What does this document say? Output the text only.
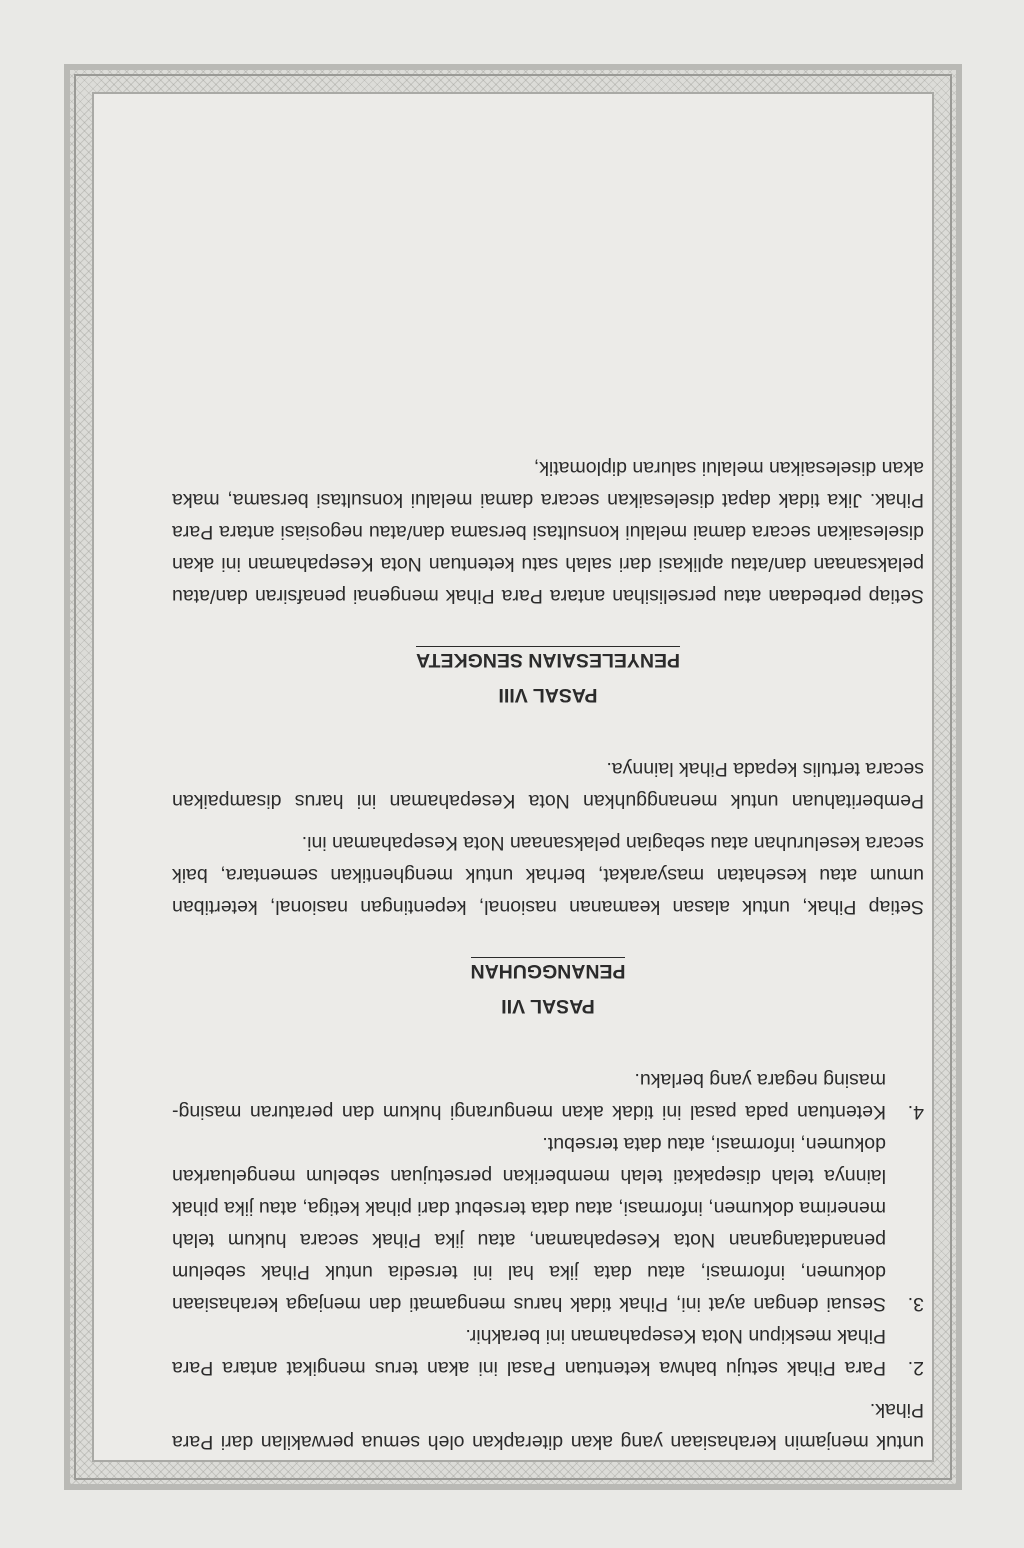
untuk menjamin kerahasiaan yang akan diterapkan oleh semua perwakilan dari Para Pihak.

2.
Para Pihak setuju bahwa ketentuan Pasal ini akan terus mengikat antara Para Pihak meskipun Nota Kesepahaman ini berakhir.
3.
Sesuai dengan ayat ini, Pihak tidak harus mengamati dan menjaga kerahasiaan dokumen, informasi, atau data jika hal ini tersedia untuk Pihak sebelum penandatanganan Nota Kesepahaman, atau jika Pihak secara hukum telah menerima dokumen, informasi, atau data tersebut dari pihak ketiga, atau jika pihak lainnya telah disepakati telah memberikan persetujuan sebelum mengeluarkan dokumen, informasi, atau data tersebut.
4.
Ketentuan pada pasal ini tidak akan mengurangi hukum dan peraturan masing-masing negara yang berlaku.
PASAL VII
PENANGGUHAN

Setiap Pihak, untuk alasan keamanan nasional, kepentingan nasional, ketertiban umum atau kesehatan masyarakat, berhak untuk menghentikan sementara, baik secara keseluruhan atau sebagian pelaksanaan Nota Kesepahaman ini.

Pemberitahuan untuk menangguhkan Nota Kesepahaman ini harus disampaikan secara tertulis kepada Pihak lainnya.

PASAL VIII
PENYELESAIAN SENGKETA

Setiap perbedaan atau perselisihan antara Para Pihak mengenai penafsiran dan/atau pelaksanaan dan/atau aplikasi dari salah satu ketentuan Nota Kesepahaman ini akan diselesaikan secara damai melalui konsultasi bersama dan/atau negosiasi antara Para Pihak. Jika tidak dapat diselesaikan secara damai melalui konsultasi bersama, maka akan diselesaikan melalui saluran diplomatik,
